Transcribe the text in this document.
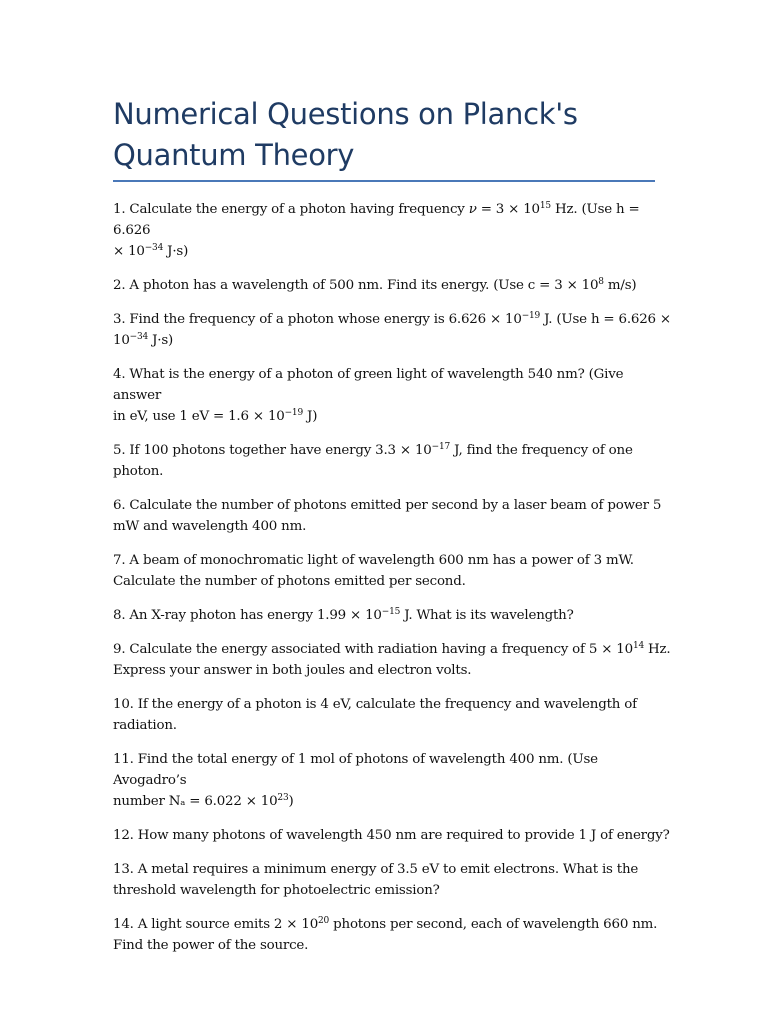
Numerical Questions on Planck's
Quantum Theory

1. Calculate the energy of a photon having frequency $\nu = 3 \times 10^{15}$ Hz. (Use h = 6.626
× $10^{-34}$ J·s)

2. A photon has a wavelength of 500 nm. Find its energy. (Use $c = 3 \times 10^8$ m/s)

3. Find the frequency of a photon whose energy is $6.626 \times 10^{-19}$ J. (Use h = 6.626 ×
$10^{-34}$ J·s)

4. What is the energy of a photon of green light of wavelength 540 nm? (Give answer
in eV, use 1 eV = $1.6 \times 10^{-19}$ J)

5. If 100 photons together have energy $3.3 \times 10^{-17}$ J, find the frequency of one
photon.

6. Calculate the number of photons emitted per second by a laser beam of power 5
mW and wavelength 400 nm.

7. A beam of monochromatic light of wavelength 600 nm has a power of 3 mW.
Calculate the number of photons emitted per second.

8. An X-ray photon has energy $1.99 \times 10^{-15}$ J. What is its wavelength?

9. Calculate the energy associated with radiation having a frequency of $5 \times 10^{14}$ Hz.
Express your answer in both joules and electron volts.

10. If the energy of a photon is 4 eV, calculate the frequency and wavelength of
radiation.

11. Find the total energy of 1 mol of photons of wavelength 400 nm. (Use Avogadro’s
number $N_a = 6.022 \times 10^{23}$)

12. How many photons of wavelength 450 nm are required to provide 1 J of energy?

13. A metal requires a minimum energy of 3.5 eV to emit electrons. What is the
threshold wavelength for photoelectric emission?

14. A light source emits $2 \times 10^{20}$ photons per second, each of wavelength 660 nm.
Find the power of the source.
